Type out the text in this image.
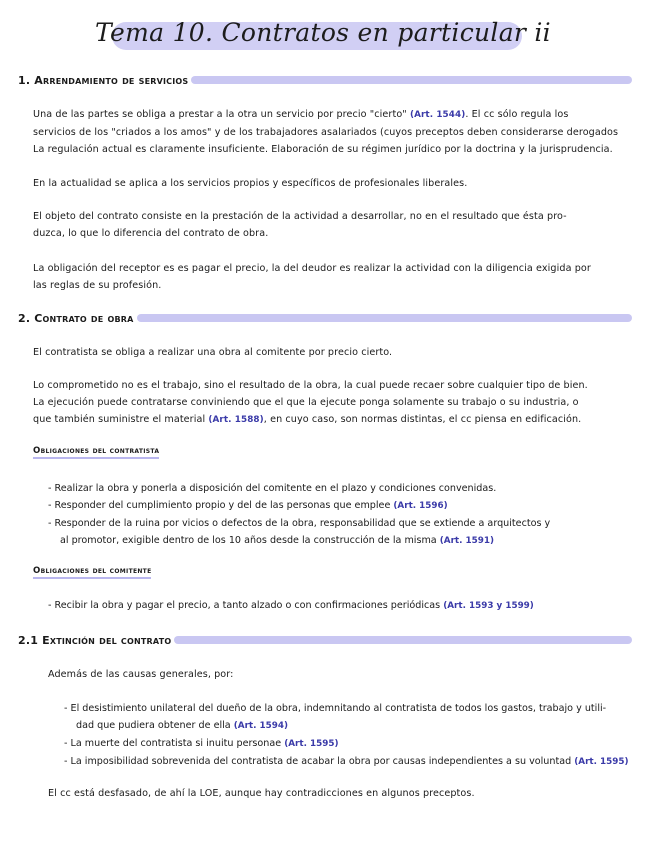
Tema 10. Contratos en particular ii
1. Arrendamiento de servicios
Una de las partes se obliga a prestar a la otra un servicio por precio "cierto" (Art. 1544). El cc sólo regula los
servicios de los "criados a los amos" y de los trabajadores asalariados (cuyos preceptos deben considerarse derogados
La regulación actual es claramente insuficiente. Elaboración de su régimen jurídico por la doctrina y la jurisprudencia.
En la actualidad se aplica a los servicios propios y específicos de profesionales liberales.
El objeto del contrato consiste en la prestación de la actividad a desarrollar, no en el resultado que ésta pro-
duzca, lo que lo diferencia del contrato de obra.
La obligación del receptor es es pagar el precio, la del deudor es realizar la actividad con la diligencia exigida por
las reglas de su profesión.
2. Contrato de obra
El contratista se obliga a realizar una obra al comitente por precio cierto.
Lo comprometido no es el trabajo, sino el resultado de la obra, la cual puede recaer sobre cualquier tipo de bien.
La ejecución puede contratarse conviniendo que el que la ejecute ponga solamente su trabajo o su industria, o
que también suministre el material (Art. 1588), en cuyo caso, son normas distintas, el cc piensa en edificación.
Obligaciones del contratista
- Realizar la obra y ponerla a disposición del comitente en el plazo y condiciones convenidas.
- Responder del cumplimiento propio y del de las personas que emplee (Art. 1596)
- Responder de la ruina por vicios o defectos de la obra, responsabilidad que se extiende a arquitectos y
al promotor, exigible dentro de los 10 años desde la construcción de la misma (Art. 1591)
Obligaciones del comitente
- Recibir la obra y pagar el precio, a tanto alzado o con confirmaciones periódicas (Art. 1593 y 1599)
2.1 Extinción del contrato
Además de las causas generales, por:
- El desistimiento unilateral del dueño de la obra, indemnitando al contratista de todos los gastos, trabajo y utili-
dad que pudiera obtener de ella (Art. 1594)
- La muerte del contratista si inuitu personae (Art. 1595)
- La imposibilidad sobrevenida del contratista de acabar la obra por causas independientes a su voluntad (Art. 1595)
El cc está desfasado, de ahí la LOE, aunque hay contradicciones en algunos preceptos.
